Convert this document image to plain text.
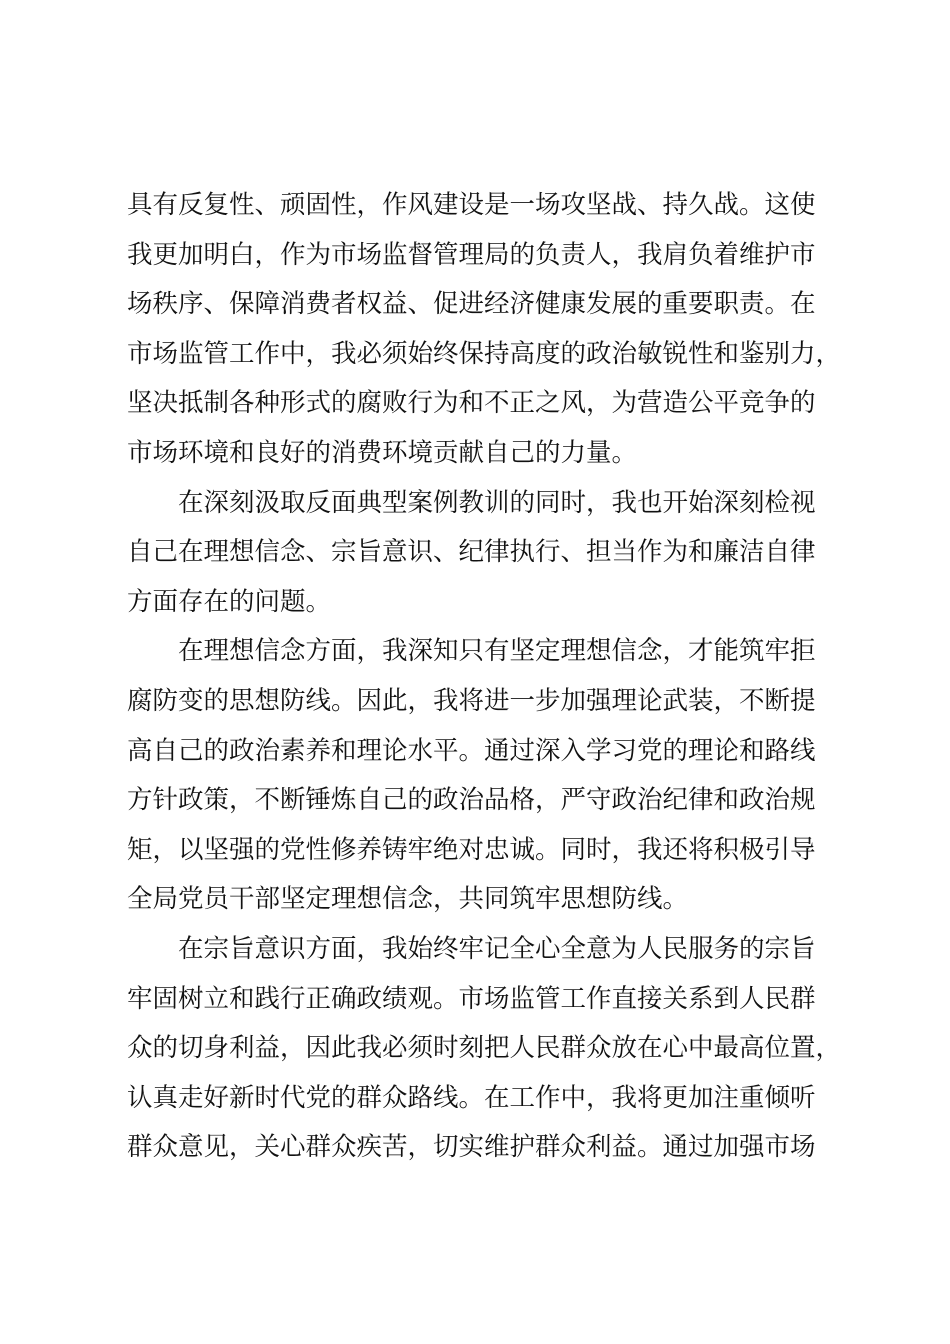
具有反复性、顽固性，作风建设是一场攻坚战、持久战。这使
我更加明白，作为市场监督管理局的负责人，我肩负着维护市
场秩序、保障消费者权益、促进经济健康发展的重要职责。在
市场监管工作中，我必须始终保持高度的政治敏锐性和鉴别力，
坚决抵制各种形式的腐败行为和不正之风，为营造公平竞争的
市场环境和良好的消费环境贡献自己的力量。
在深刻汲取反面典型案例教训的同时，我也开始深刻检视
自己在理想信念、宗旨意识、纪律执行、担当作为和廉洁自律
方面存在的问题。
在理想信念方面，我深知只有坚定理想信念，才能筑牢拒
腐防变的思想防线。因此，我将进一步加强理论武装，不断提
高自己的政治素养和理论水平。通过深入学习党的理论和路线
方针政策，不断锤炼自己的政治品格，严守政治纪律和政治规
矩，以坚强的党性修养铸牢绝对忠诚。同时，我还将积极引导
全局党员干部坚定理想信念，共同筑牢思想防线。
在宗旨意识方面，我始终牢记全心全意为人民服务的宗旨
牢固树立和践行正确政绩观。市场监管工作直接关系到人民群
众的切身利益，因此我必须时刻把人民群众放在心中最高位置，
认真走好新时代党的群众路线。在工作中，我将更加注重倾听
群众意见，关心群众疾苦，切实维护群众利益。通过加强市场
